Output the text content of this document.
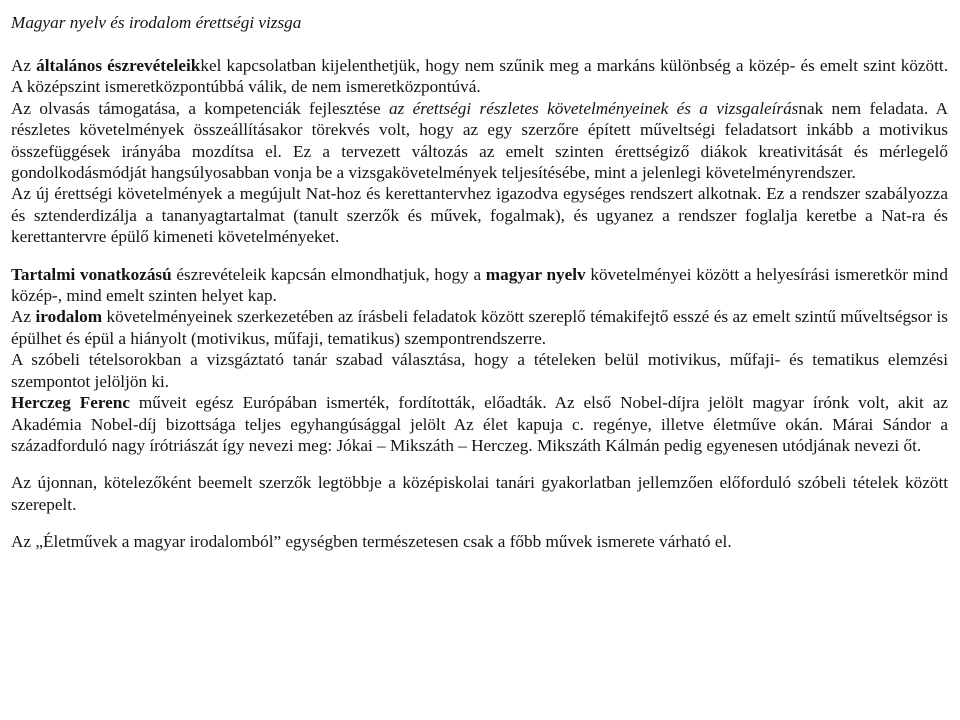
Magyar nyelv és irodalom érettségi vizsga

Az általános észrevételeikkel kapcsolatban kijelenthetjük, hogy nem szűnik meg a markáns különbség a közép- és emelt szint között. A középszint ismeretközpontúbbá válik, de nem ismeretközpontúvá.

Az olvasás támogatása, a kompetenciák fejlesztése az érettségi részletes követelményeinek és a vizsgaleírásnak nem feladata. A részletes követelmények összeállításakor törekvés volt, hogy az egy szerzőre épített műveltségi feladatsort inkább a motivikus összefüggések irányába mozdítsa el. Ez a tervezett változás az emelt szinten érettségiző diákok kreativitását és mérlegelő gondolkodásmódját hangsúlyosabban vonja be a vizsgakövetelmények teljesítésébe, mint a jelenlegi követelményrendszer.

Az új érettségi követelmények a megújult Nat-hoz és kerettantervhez igazodva egységes rendszert alkotnak. Ez a rendszer szabályozza és sztenderdizálja a tananyagtartalmat (tanult szerzők és művek, fogalmak), és ugyanez a rendszer foglalja keretbe a Nat-ra és kerettantervre épülő kimeneti követelményeket.

Tartalmi vonatkozású észrevételeik kapcsán elmondhatjuk, hogy a magyar nyelv követelményei között a helyesírási ismeretkör mind közép-, mind emelt szinten helyet kap.

Az irodalom követelményeinek szerkezetében az írásbeli feladatok között szereplő témakifejtő esszé és az emelt szintű műveltségsor is épülhet és épül a hiányolt (motivikus, műfaji, tematikus) szempontrendszerre.

A szóbeli tételsorokban a vizsgáztató tanár szabad választása, hogy a tételeken belül motivikus, műfaji- és tematikus elemzési szempontot jelöljön ki.

Herczeg Ferenc műveit egész Európában ismerték, fordították, előadták. Az első Nobel-díjra jelölt magyar írónk volt, akit az Akadémia Nobel-díj bizottsága teljes egyhangúsággal jelölt Az élet kapuja c. regénye, illetve életműve okán. Márai Sándor a századforduló nagy írótriászát így nevezi meg: Jókai – Mikszáth – Herczeg. Mikszáth Kálmán pedig egyenesen utódjának nevezi őt.

Az újonnan, kötelezőként beemelt szerzők legtöbbje a középiskolai tanári gyakorlatban jellemzően előforduló szóbeli tételek között szerepelt.

Az „Életművek a magyar irodalomból” egységben természetesen csak a főbb művek ismerete várható el.
